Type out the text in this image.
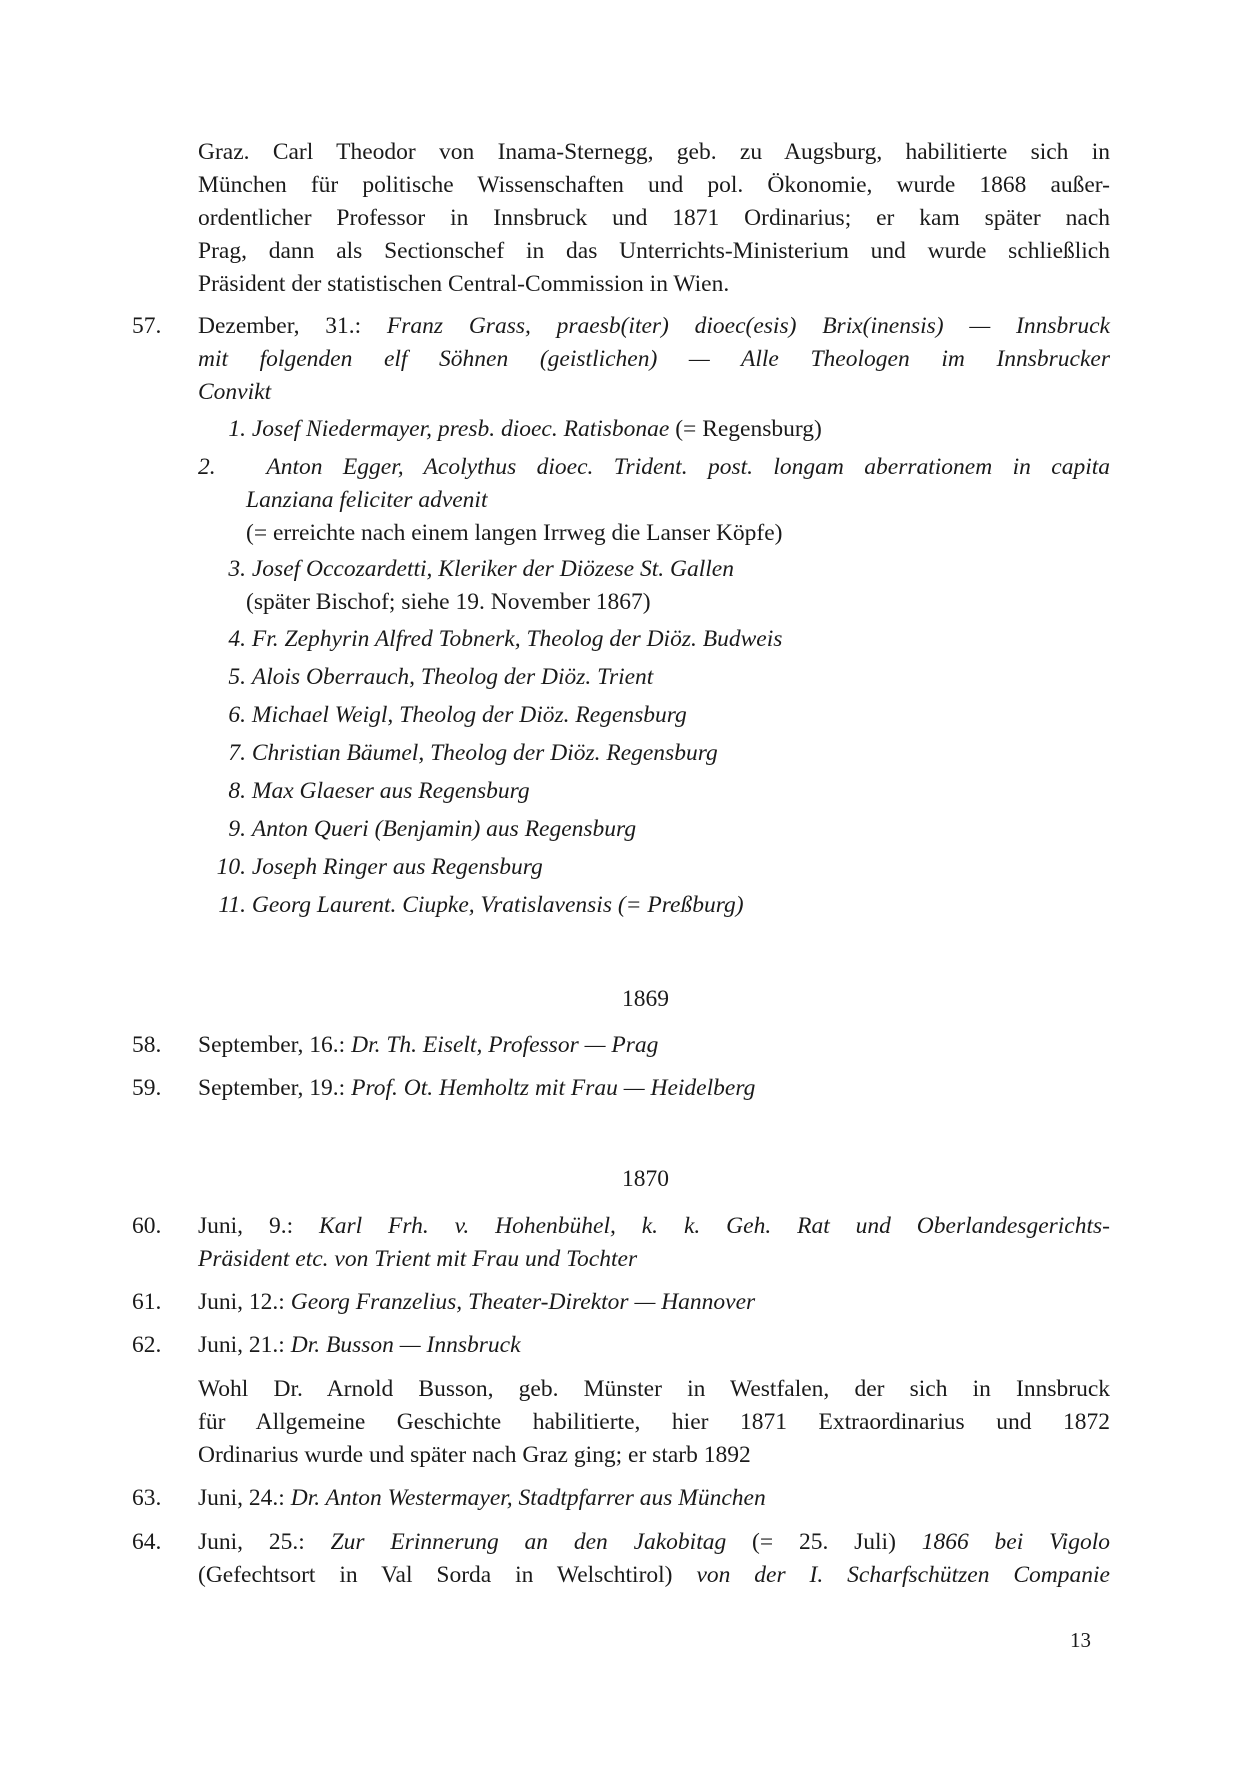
Graz. Carl Theodor von Inama-Sternegg, geb. zu Augsburg, habilitierte sich in
München für politische Wissenschaften und pol. Ökonomie, wurde 1868 außer-
ordentlicher Professor in Innsbruck und 1871 Ordinarius; er kam später nach
Prag, dann als Sectionschef in das Unterrichts-Ministerium und wurde schließlich
Präsident der statistischen Central-Commission in Wien.
57. Dezember, 31.: Franz Grass, praesb(iter) dioec(esis) Brix(inensis) — Innsbruck
mit folgenden elf Söhnen (geistlichen) — Alle Theologen im Innsbrucker
Convikt
1. Josef Niedermayer, presb. dioec. Ratisbonae (= Regensburg)
2. Anton Egger, Acolythus dioec. Trident. post. longam aberrationem in capita
Lanziana feliciter advenit
(= erreichte nach einem langen Irrweg die Lanser Köpfe)
3. Josef Occozardetti, Kleriker der Diözese St. Gallen
(später Bischof; siehe 19. November 1867)
4. Fr. Zephyrin Alfred Tobnerk, Theolog der Diöz. Budweis
5. Alois Oberrauch, Theolog der Diöz. Trient
6. Michael Weigl, Theolog der Diöz. Regensburg
7. Christian Bäumel, Theolog der Diöz. Regensburg
8. Max Glaeser aus Regensburg
9. Anton Queri (Benjamin) aus Regensburg
10. Joseph Ringer aus Regensburg
11. Georg Laurent. Ciupke, Vratislavensis (= Preßburg)
1869
58. September, 16.: Dr. Th. Eiselt, Professor — Prag
59. September, 19.: Prof. Ot. Hemholtz mit Frau — Heidelberg
1870
60. Juni, 9.: Karl Frh. v. Hohenbühel, k. k. Geh. Rat und Oberlandesgerichts-
Präsident etc. von Trient mit Frau und Tochter
61. Juni, 12.: Georg Franzelius, Theater-Direktor — Hannover
62. Juni, 21.: Dr. Busson — Innsbruck
Wohl Dr. Arnold Busson, geb. Münster in Westfalen, der sich in Innsbruck
für Allgemeine Geschichte habilitierte, hier 1871 Extraordinarius und 1872
Ordinarius wurde und später nach Graz ging; er starb 1892
63. Juni, 24.: Dr. Anton Westermayer, Stadtpfarrer aus München
64. Juni, 25.: Zur Erinnerung an den Jakobitag (= 25. Juli) 1866 bei Vigolo
(Gefechtsort in Val Sorda in Welschtirol) von der I. Scharfschützen Companie
13
